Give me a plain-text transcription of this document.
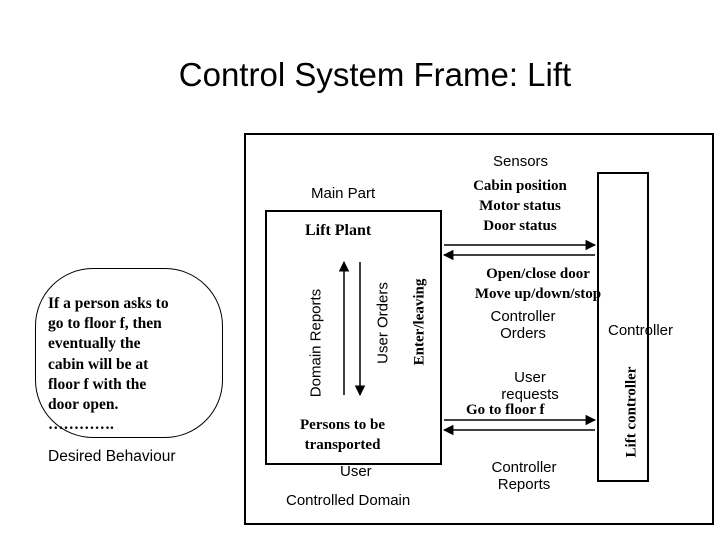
Control System Frame: Lift
If a person asks to
go to floor f, then
eventually the
cabin will be at
floor f with the
door open.
………….
Desired Behaviour
Main Part
Lift Plant
Persons to be
transported
User
Controlled Domain
Domain Reports	User Orders Enter/leaving
Lift controller
Controller
Sensors
Cabin position
Motor status
Door status
Open/close door
Move up/down/stop
Controller
Orders
User
requests
Go to floor f
Controller
Reports
